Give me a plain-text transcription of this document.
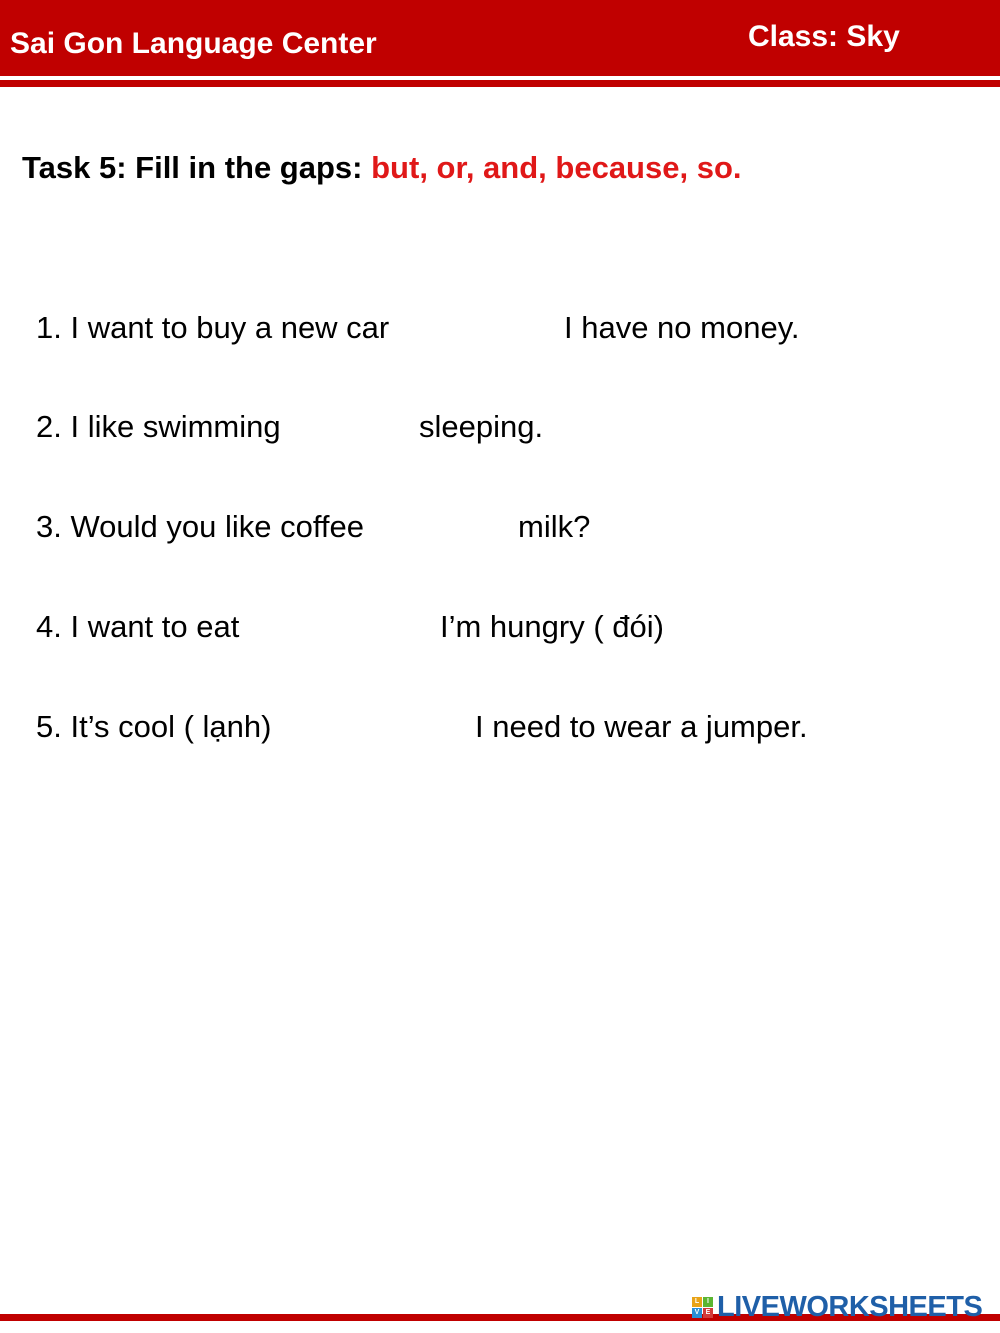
Sai Gon Language Center	Class: Sky
Task 5: Fill in the gaps: but, or, and, because, so.
1. I want to buy a new car	I have no money.
2. I like swimming	sleeping.
3. Would you like coffee	milk?
4. I want to eat	I’m hungry ( đói)
5. It’s cool ( lạnh)	I need to wear a jumper.
L	I
V E LIVEWORKSHEETS
